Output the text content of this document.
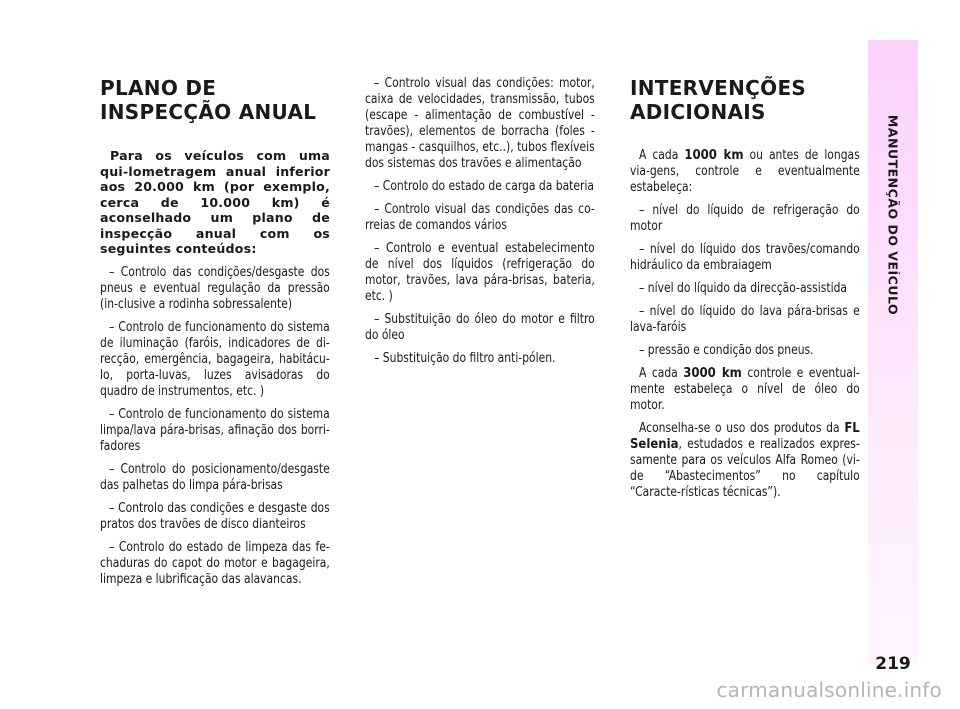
PLANO DE
INSPECÇÃO ANUAL

Para os veículos com uma qui-lometragem anual inferior aos 20.000 km (por exemplo, cerca de 10.000 km) é aconselhado um plano de inspecção anual com os seguintes conteúdos:

– Controlo das condições/desgaste dos pneus e eventual regulação da pressão (in-clusive a rodinha sobressalente)

– Controlo de funcionamento do sistema de iluminação (faróis, indicadores de di-recção, emergência, bagageira, habitácu-lo, porta-luvas, luzes avisadoras do quadro de instrumentos, etc. )

– Controlo de funcionamento do sistema limpa/lava pára-brisas, afinação dos borri-fadores

– Controlo do posicionamento/desgaste das palhetas do limpa pára-brisas

– Controlo das condições e desgaste dos pratos dos travões de disco dianteiros

– Controlo do estado de limpeza das fe-chaduras do capot do motor e bagageira, limpeza e lubrificação das alavancas.

– Controlo visual das condições: motor, caixa de velocidades, transmissão, tubos (escape - alimentação de combustível - travões), elementos de borracha (foles - mangas - casquilhos, etc..), tubos flexíveis dos sistemas dos travões e alimentação

– Controlo do estado de carga da bateria

– Controlo visual das condições das co-rreias de comandos vários

– Controlo e eventual estabelecimento de nível dos líquidos (refrigeração do motor, travões, lava pára-brisas, bateria, etc. )

– Substituição do óleo do motor e filtro do óleo

– Substituição do filtro anti-pólen.

INTERVENÇÕES
ADICIONAIS

A cada 1000 km ou antes de longas via-gens, controle e eventualmente estabeleça:

– nível do líquido de refrigeração do motor

– nível do líquido dos travões/comando hidráulico da embraiagem

– nível do líquido da direcção-assistida

– nível do líquido do lava pára-brisas e lava-faróis

– pressão e condição dos pneus.

A cada 3000 km controle e eventual-mente estabeleça o nível de óleo do motor.

Aconselha-se o uso dos produtos da FL Selenia, estudados e realizados expres-samente para os veículos Alfa Romeo (vi-de “Abastecimentos” no capítulo “Caracte-rísticas técnicas”).

MANUTENÇÃO DO VEÍCULO
219
carmanualsonline.info
